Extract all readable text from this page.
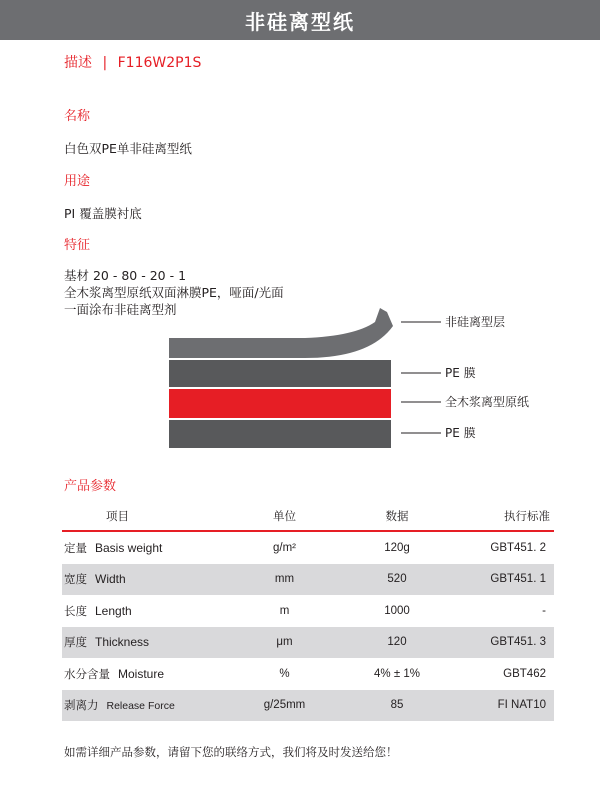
非硅离型纸
描述 | F116W2P1S
名称
白色双PE单非硅离型纸
用途
PI 覆盖膜衬底
特征
基材 20 - 80 - 20 - 1
全木浆离型原纸双面淋膜PE，哑面/光面
一面涂布非硅离型剂
非硅离型层
PE 膜
全木浆离型原纸
PE 膜
产品参数
项目	单位	数据	执行标准
定量 Basis weight	g/m²	120g	GBT451. 2
宽度 Width	mm	520	GBT451. 1
长度 Length	m	1000	-
厚度 Thickness	μm	120	GBT451. 3
水分含量 Moisture	%	4% ± 1%	GBT462
剥离力 Release Force	g/25mm	85	FI NAT10
如需详细产品参数，请留下您的联络方式，我们将及时发送给您！
